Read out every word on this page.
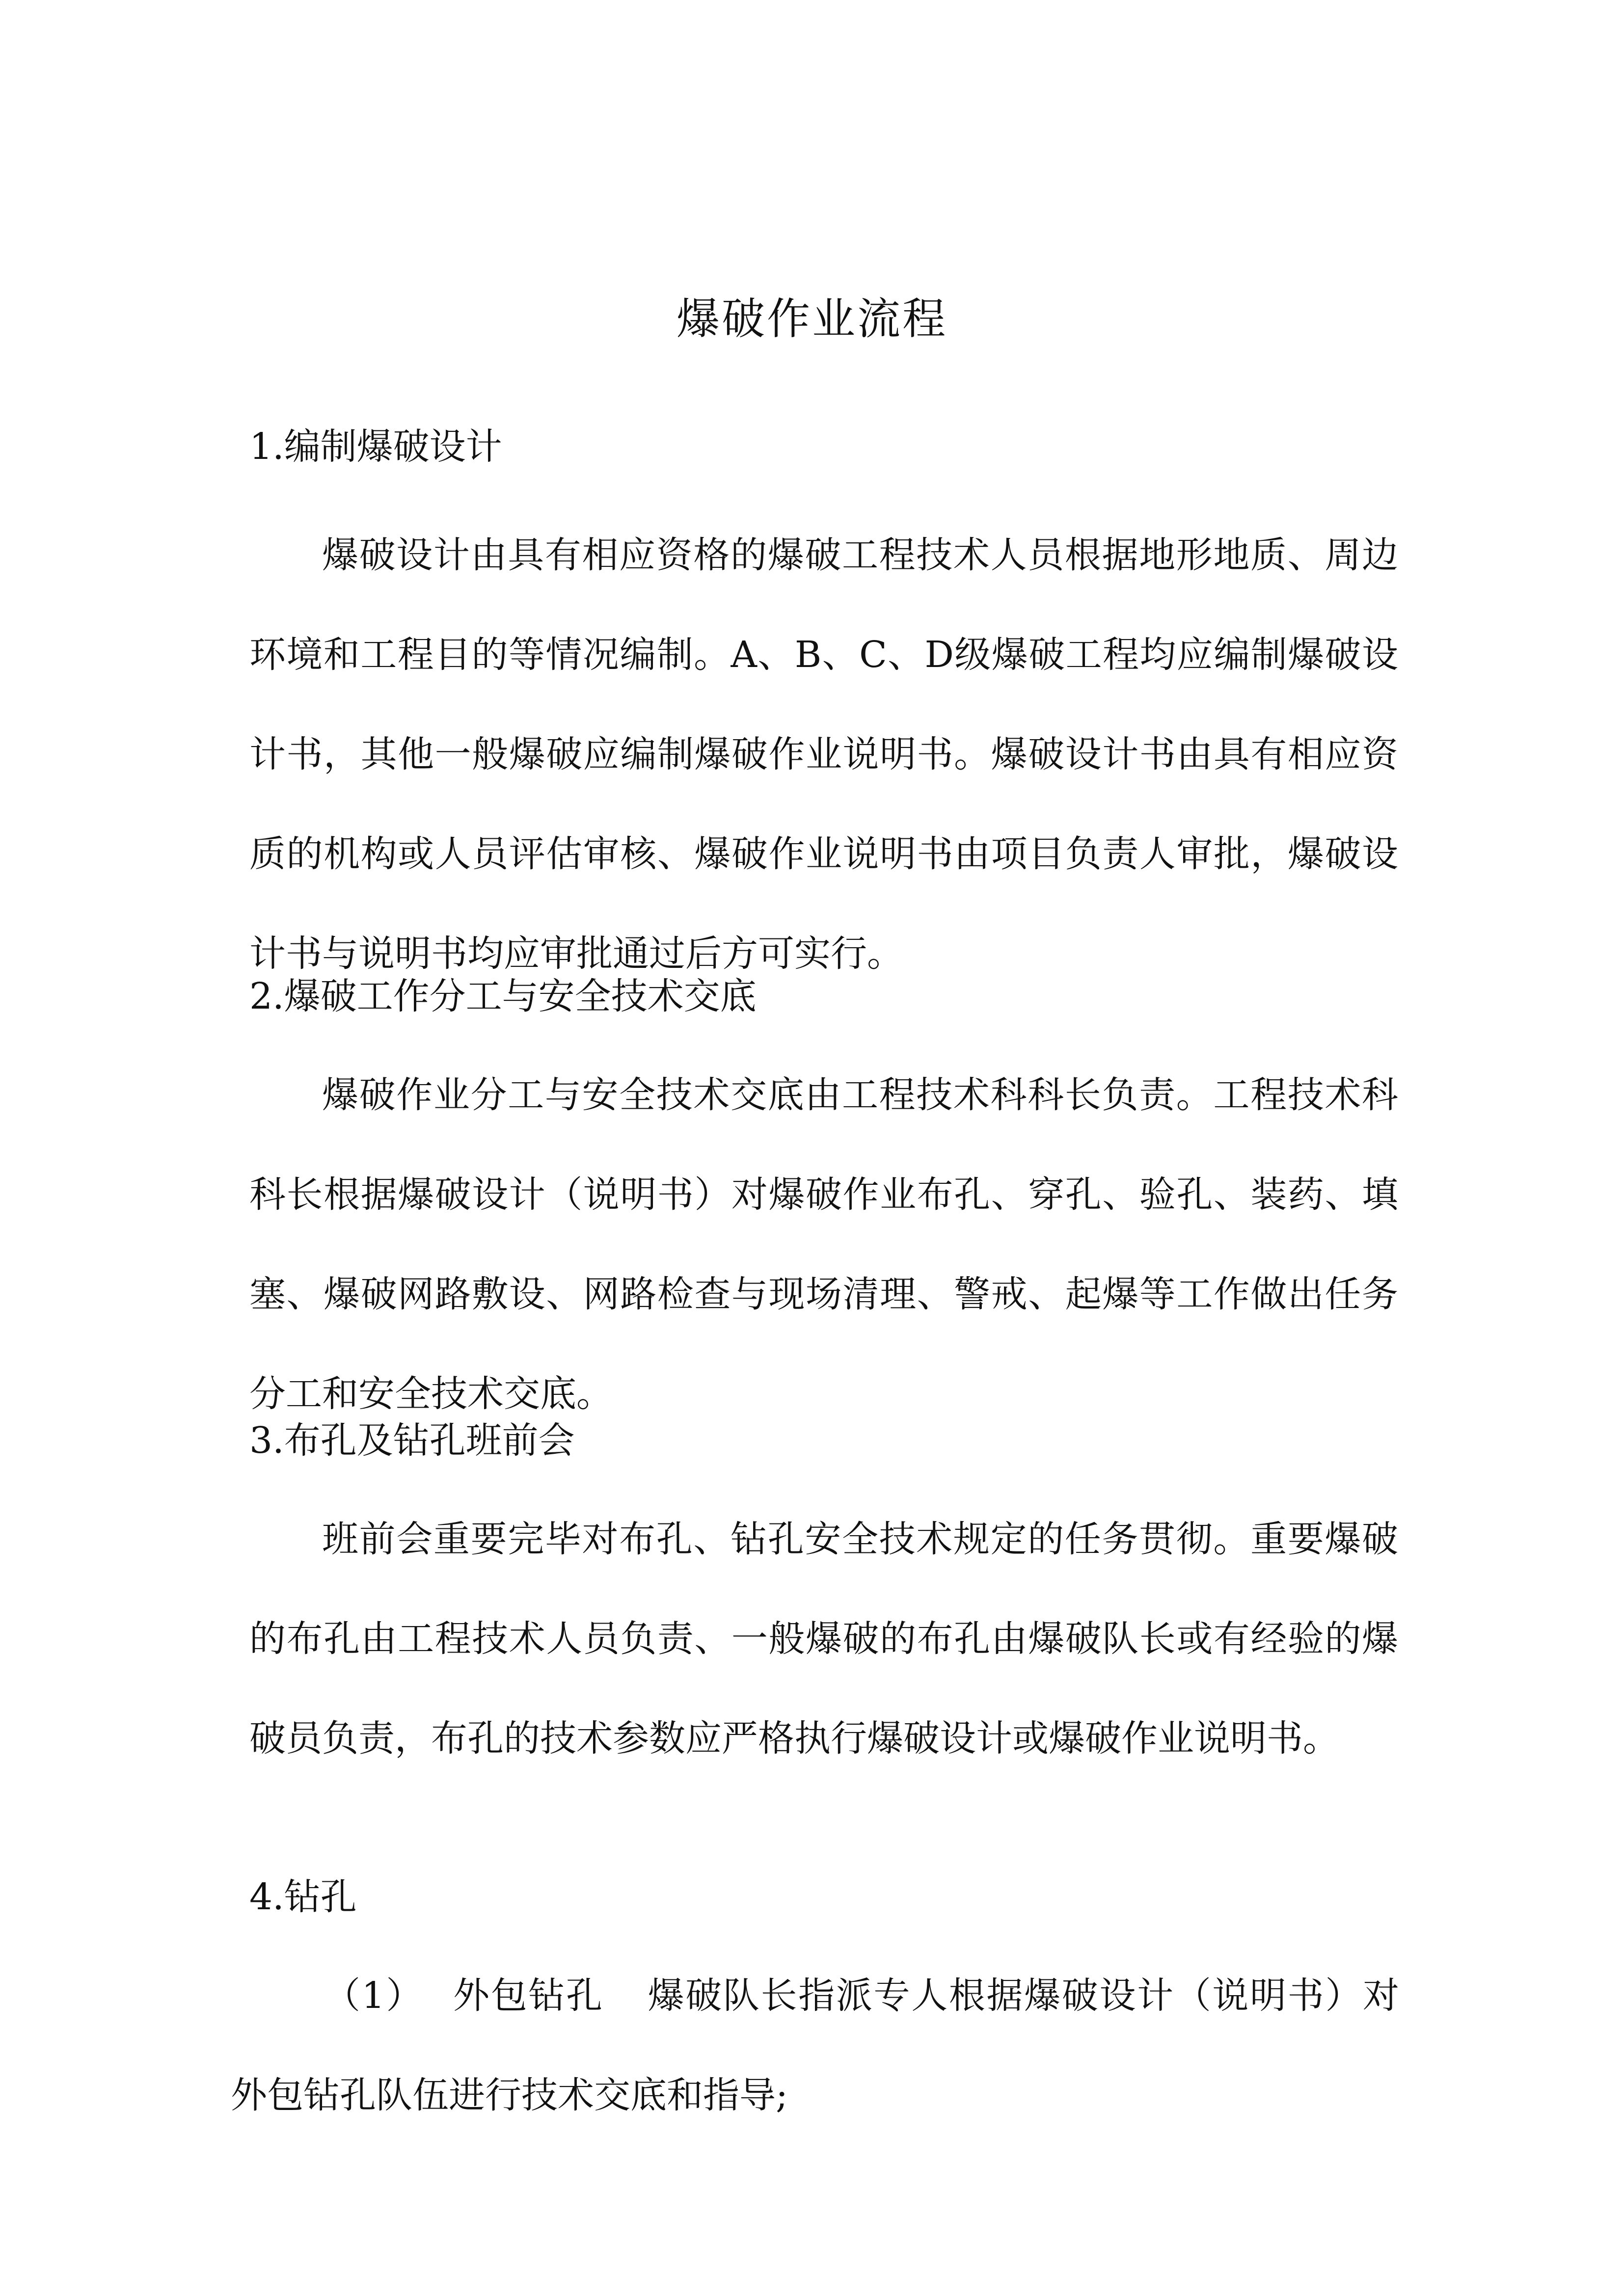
爆破作业流程
1.编制爆破设计

爆破设计由具有相应资格的爆破工程技术人员根据地形地质、周边环境和工程目的等情况编制。A、B、C、D级爆破工程均应编制爆破设计书，其他一般爆破应编制爆破作业说明书。爆破设计书由具有相应资质的机构或人员评估审核、爆破作业说明书由项目负责人审批，爆破设计书与说明书均应审批通过后方可实行。

2.爆破工作分工与安全技术交底

爆破作业分工与安全技术交底由工程技术科科长负责。工程技术科科长根据爆破设计（说明书）对爆破作业布孔、穿孔、验孔、装药、填塞、爆破网路敷设、网路检查与现场清理、警戒、起爆等工作做出任务分工和安全技术交底。

3.布孔及钻孔班前会

班前会重要完毕对布孔、钻孔安全技术规定的任务贯彻。重要爆破的布孔由工程技术人员负责、一般爆破的布孔由爆破队长或有经验的爆破员负责，布孔的技术参数应严格执行爆破设计或爆破作业说明书。

4.钻孔

（1） 外包钻孔 爆破队长指派专人根据爆破设计（说明书）对外包钻孔队伍进行技术交底和指导;
